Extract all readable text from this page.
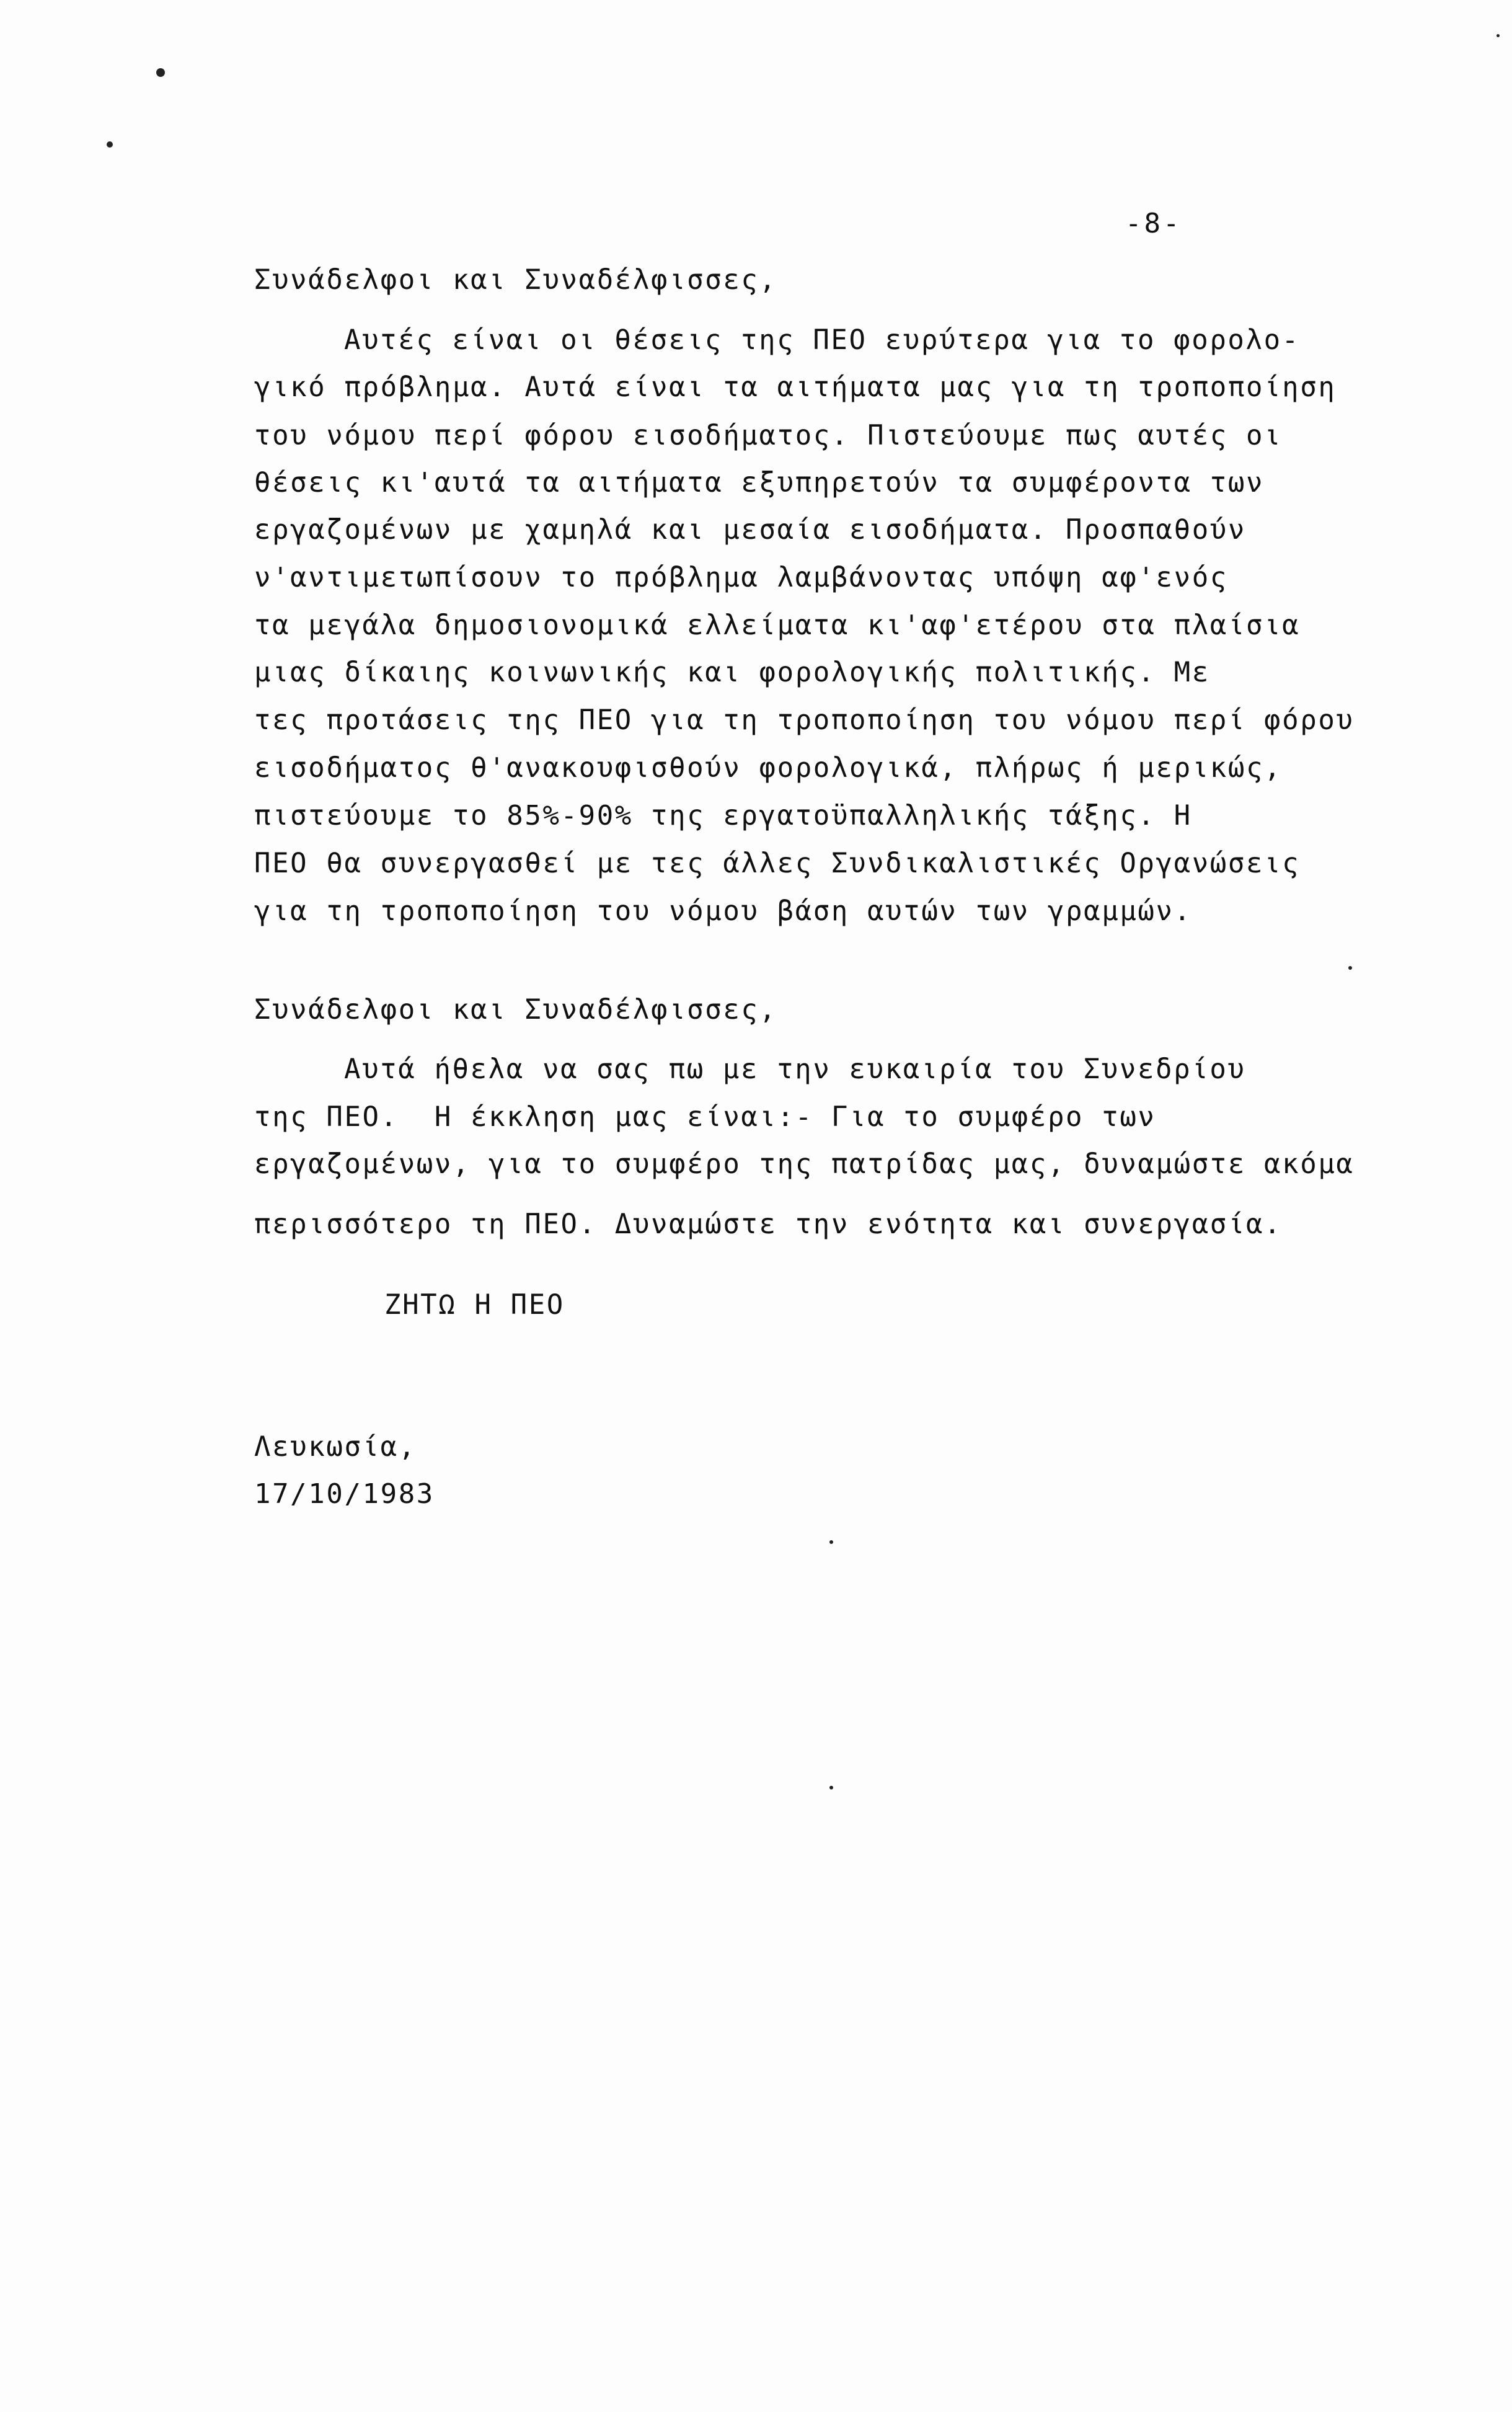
-8-
Συνάδελφοι και Συναδέλφισσες,
Αυτές είναι οι θέσεις της ΠΕΟ ευρύτερα για το φορολο-
γικό πρόβλημα. Αυτά είναι τα αιτήματα μας για τη τροποποίηση
του νόμου περί φόρου εισοδήματος. Πιστεύουμε πως αυτές οι
θέσεις κι'αυτά τα αιτήματα εξυπηρετούν τα συμφέροντα των
εργαζομένων με χαμηλά και μεσαία εισοδήματα. Προσπαθούν
ν'αντιμετωπίσουν το πρόβλημα λαμβάνοντας υπόψη αφ'ενός
τα μεγάλα δημοσιονομικά ελλείματα κι'αφ'ετέρου στα πλαίσια
μιας δίκαιης κοινωνικής και φορολογικής πολιτικής. Με
τες προτάσεις της ΠΕΟ για τη τροποποίηση του νόμου περί φόρου
εισοδήματος θ'ανακουφισθούν φορολογικά, πλήρως ή μερικώς,
πιστεύουμε το 85%-90% της εργατοϋπαλληλικής τάξης. Η
ΠΕΟ θα συνεργασθεί με τες άλλες Συνδικαλιστικές Οργανώσεις
για τη τροποποίηση του νόμου βάση αυτών των γραμμών.
Συνάδελφοι και Συναδέλφισσες,
Αυτά ήθελα να σας πω με την ευκαιρία του Συνεδρίου
της ΠΕΟ.  Η έκκληση μας είναι:- Για το συμφέρο των
εργαζομένων, για το συμφέρο της πατρίδας μας, δυναμώστε ακόμα
περισσότερο τη ΠΕΟ. Δυναμώστε την ενότητα και συνεργασία.
ΖΗΤΩ Η ΠΕΟ
Λευκωσία,
17/10/1983
